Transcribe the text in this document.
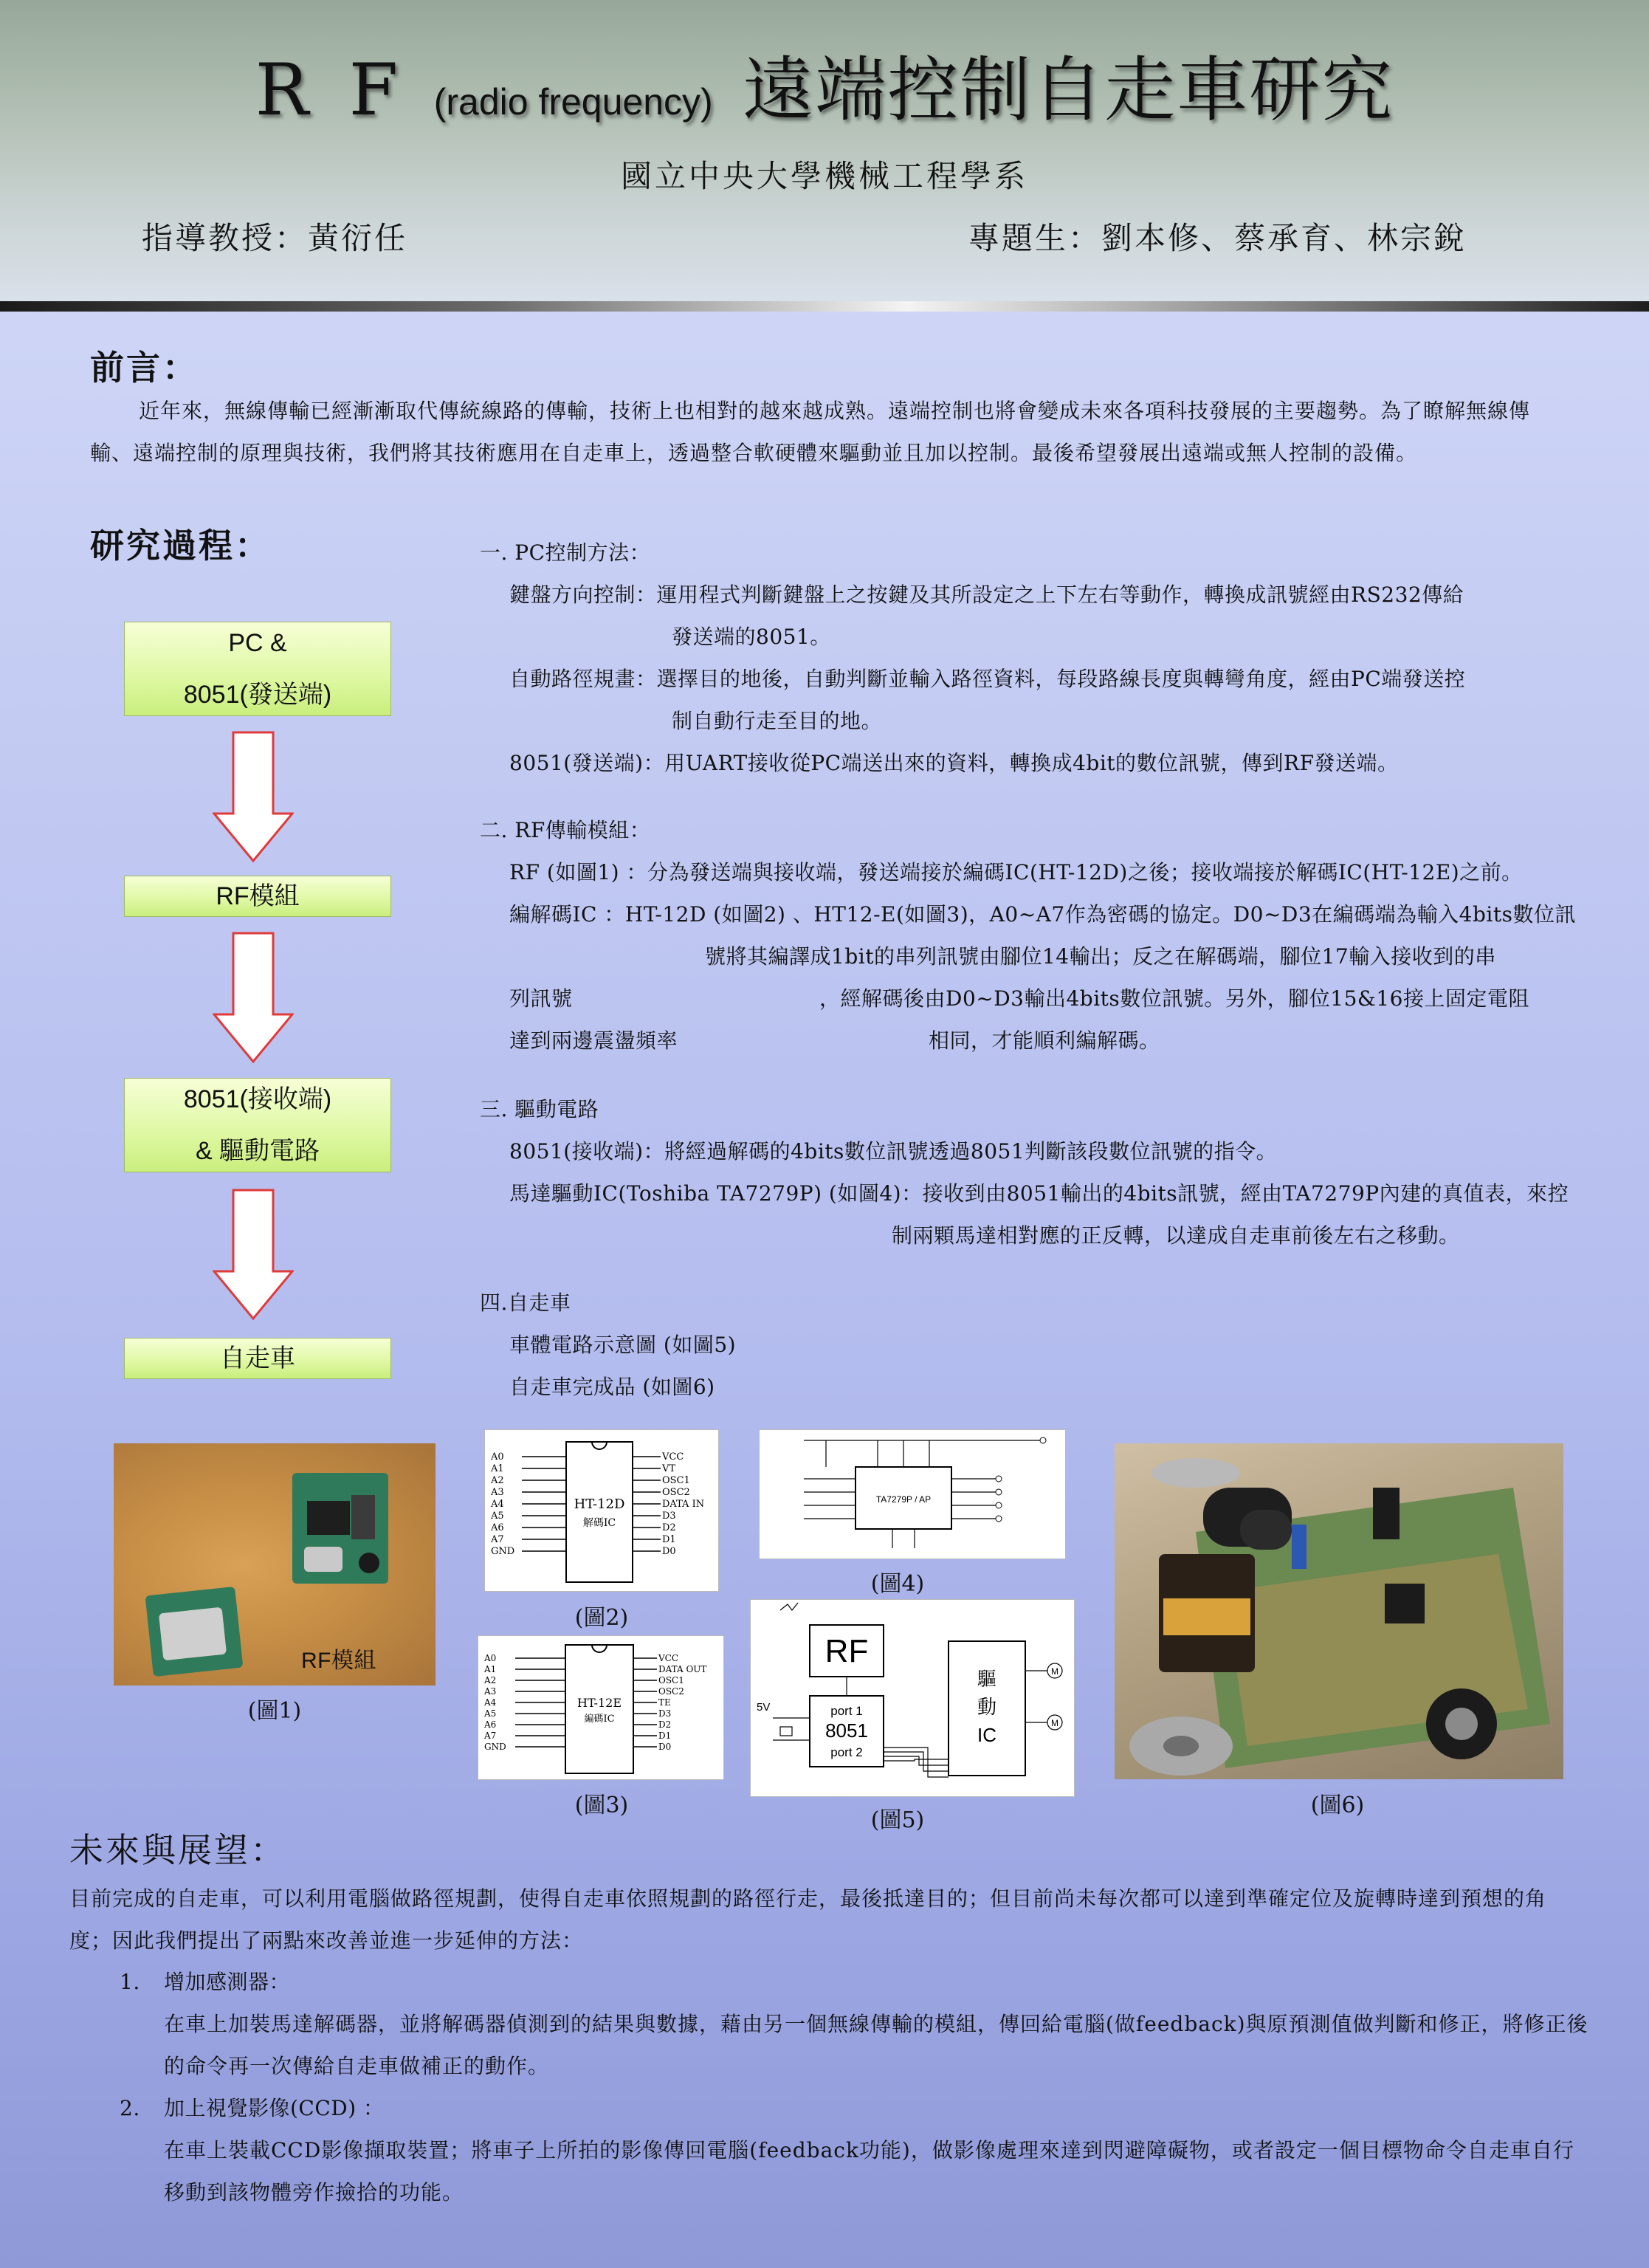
R F (radio frequency) 遠端控制自走車研究
國立中央大學機械工程學系
指導教授：黃衍任	專題生：劉本修、蔡承育、林宗銳
前言：
近年來，無線傳輸已經漸漸取代傳統線路的傳輸，技術上也相對的越來越成熟。遠端控制也將會變成未來各項科技發展的主要趨勢。為了瞭解無線傳輸、遠端控制的原理與技術，我們將其技術應用在自走車上，透過整合軟硬體來驅動並且加以控制。最後希望發展出遠端或無人控制的設備。
研究過程：
PC &
8051(發送端)
RF模組
8051(接收端)
& 驅動電路
自走車
一. PC控制方法：
鍵盤方向控制：運用程式判斷鍵盤上之按鍵及其所設定之上下左右等動作，轉換成訊號經由RS232傳給
發送端的8051。
自動路徑規畫：選擇目的地後，自動判斷並輸入路徑資料，每段路線長度與轉彎角度，經由PC端發送控
制自動行走至目的地。
8051(發送端)：用UART接收從PC端送出來的資料，轉換成4bit的數位訊號，傳到RF發送端。
二. RF傳輸模組：
RF (如圖1) ：分為發送端與接收端，發送端接於編碼IC(HT-12D)之後；接收端接於解碼IC(HT-12E)之前。
編解碼IC ：HT-12D (如圖2) 、HT12-E(如圖3)，A0~A7作為密碼的協定。D0~D3在編碼端為輸入4bits數位訊
號將其編譯成1bit的串列訊號由腳位14輸出；反之在解碼端，腳位17輸入接收到的串
列訊號	，經解碼後由D0~D3輸出4bits數位訊號。另外，腳位15&16接上固定電阻
達到兩邊震盪頻率	相同，才能順利編解碼。
三. 驅動電路
8051(接收端)：將經過解碼的4bits數位訊號透過8051判斷該段數位訊號的指令。
馬達驅動IC(Toshiba TA7279P) (如圖4)：接收到由8051輸出的4bits訊號，經由TA7279P內建的真值表，來控
制兩顆馬達相對應的正反轉，以達成自走車前後左右之移動。
四.自走車
車體電路示意圖 (如圖5)
自走車完成品 (如圖6)
RF模組
(圖1)
HT-12D
解碼IC
A0
A1
A2
A3
A4
A5
A6
A7
GND
VCC
VT
OSC1
OSC2
DATA IN
D3
D2
D1
D0
(圖2)
HT-12E
編碼IC
A0
A1
A2
A3
A4
A5
A6
A7
GND
VCC
DATA OUT
OSC1
OSC2
TE
D3
D2
D1
D0
(圖3)
TA7279P / AP
(圖4)
RF
port 1
8051
port 2
驅
動
IC
5V
M
M
(圖5)
(圖6)
未來與展望：
目前完成的自走車，可以利用電腦做路徑規劃，使得自走車依照規劃的路徑行走，最後抵達目的；但目前尚未每次都可以達到準確定位及旋轉時達到預想的角度；因此我們提出了兩點來改善並進一步延伸的方法：
1. 增加感測器：
在車上加裝馬達解碼器，並將解碼器偵測到的結果與數據，藉由另一個無線傳輸的模組，傳回給電腦(做feedback)與原預測值做判斷和修正，將修正後的命令再一次傳給自走車做補正的動作。
2. 加上視覺影像(CCD) ：
在車上裝載CCD影像擷取裝置；將車子上所拍的影像傳回電腦(feedback功能)，做影像處理來達到閃避障礙物，或者設定一個目標物命令自走車自行移動到該物體旁作撿拾的功能。
